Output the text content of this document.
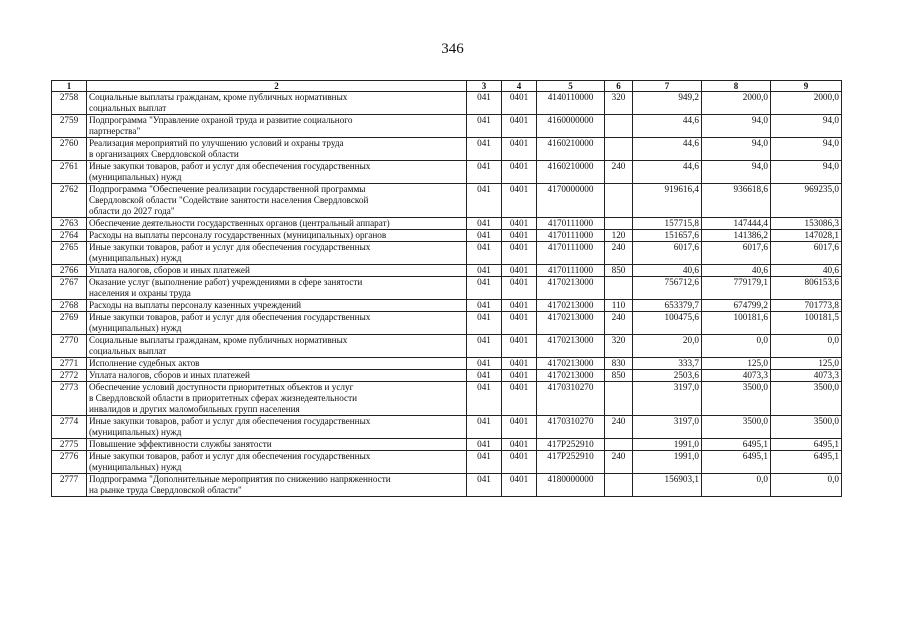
346
1	2	3	4	5	6	7	8	9
2758	Социальные выплаты гражданам, кроме публичных нормативных
социальных выплат	041	0401	4140110000	320	949,2	2000,0	2000,0
2759	Подпрограмма "Управление охраной труда и развитие социального
партнерства"	041	0401	4160000000		44,6	94,0	94,0
2760	Реализация мероприятий по улучшению условий и охраны труда
в организациях Свердловской области	041	0401	4160210000		44,6	94,0	94,0
2761	Иные закупки товаров, работ и услуг для обеспечения государственных
(муниципальных) нужд	041	0401	4160210000	240	44,6	94,0	94,0
2762	Подпрограмма "Обеспечение реализации государственной программы
Свердловской области "Содействие занятости населения Свердловской
области до 2027 года"	041	0401	4170000000		919616,4	936618,6	969235,0
2763	Обеспечение деятельности государственных органов (центральный аппарат)	041	0401	4170111000		157715,8	147444,4	153086,3
2764	Расходы на выплаты персоналу государственных (муниципальных) органов	041	0401	4170111000	120	151657,6	141386,2	147028,1
2765	Иные закупки товаров, работ и услуг для обеспечения государственных
(муниципальных) нужд	041	0401	4170111000	240	6017,6	6017,6	6017,6
2766	Уплата налогов, сборов и иных платежей	041	0401	4170111000	850	40,6	40,6	40,6
2767	Оказание услуг (выполнение работ) учреждениями в сфере занятости
населения и охраны труда	041	0401	4170213000		756712,6	779179,1	806153,6
2768	Расходы на выплаты персоналу казенных учреждений	041	0401	4170213000	110	653379,7	674799,2	701773,8
2769	Иные закупки товаров, работ и услуг для обеспечения государственных
(муниципальных) нужд	041	0401	4170213000	240	100475,6	100181,6	100181,5
2770	Социальные выплаты гражданам, кроме публичных нормативных
социальных выплат	041	0401	4170213000	320	20,0	0,0	0,0
2771	Исполнение судебных актов	041	0401	4170213000	830	333,7	125,0	125,0
2772	Уплата налогов, сборов и иных платежей	041	0401	4170213000	850	2503,6	4073,3	4073,3
2773	Обеспечение условий доступности приоритетных объектов и услуг
в Свердловской области в приоритетных сферах жизнедеятельности
инвалидов и других маломобильных групп населения	041	0401	4170310270		3197,0	3500,0	3500,0
2774	Иные закупки товаров, работ и услуг для обеспечения государственных
(муниципальных) нужд	041	0401	4170310270	240	3197,0	3500,0	3500,0
2775	Повышение эффективности службы занятости	041	0401	417P252910		1991,0	6495,1	6495,1
2776	Иные закупки товаров, работ и услуг для обеспечения государственных
(муниципальных) нужд	041	0401	417P252910	240	1991,0	6495,1	6495,1
2777	Подпрограмма "Дополнительные мероприятия по снижению напряженности
на рынке труда Свердловской области"	041	0401	4180000000		156903,1	0,0	0,0
